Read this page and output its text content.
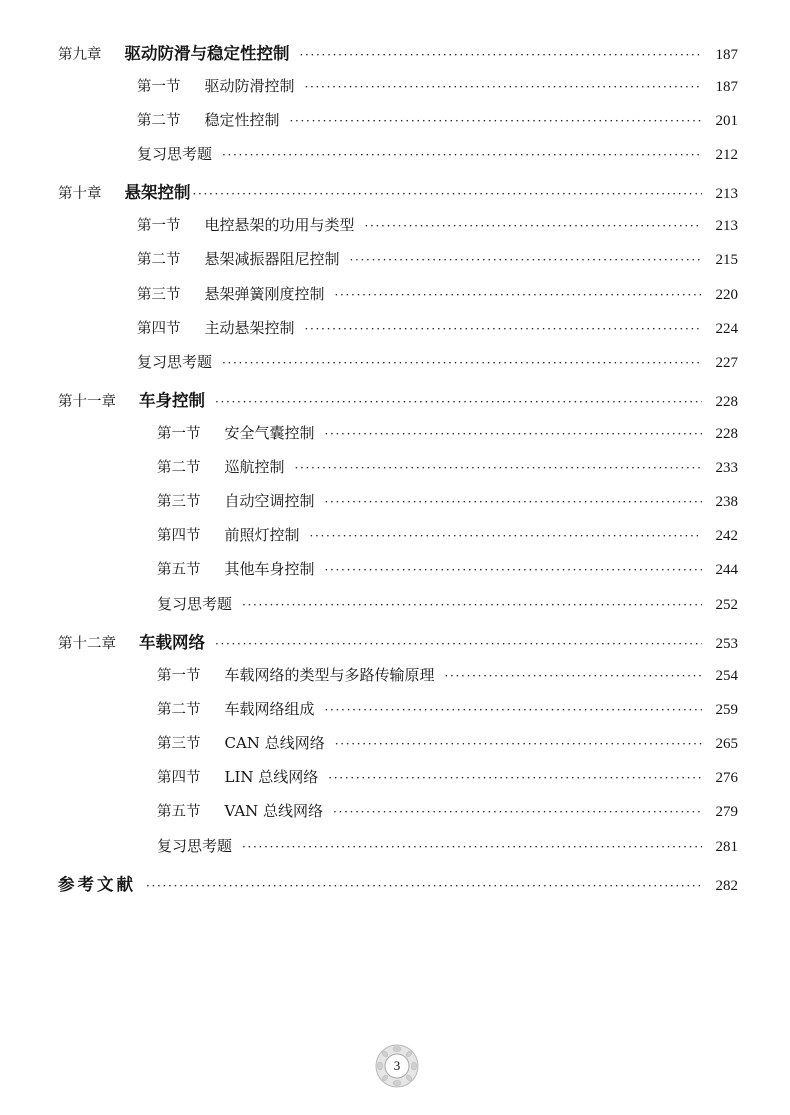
第九章 驱动防滑与稳定性控制 ·····	187
第一节 驱动防滑控制 ·····	187
第二节 稳定性控制 ·····	201
复习思考题 ·····	212
第十章 悬架控制 ·····	213
第一节 电控悬架的功用与类型 ·····	213
第二节 悬架减振器阻尼控制 ·····	215
第三节 悬架弹簧刚度控制 ·····	220
第四节 主动悬架控制 ·····	224
复习思考题 ·····	227
第十一章 车身控制 ·····	228
第一节 安全气囊控制 ·····	228
第二节 巡航控制 ·····	233
第三节 自动空调控制 ·····	238
第四节 前照灯控制 ·····	242
第五节 其他车身控制 ·····	244
复习思考题 ·····	252
第十二章 车载网络 ·····	253
第一节 车载网络的类型与多路传输原理 ·····	254
第二节 车载网络组成 ·····	259
第三节 CAN 总线网络 ·····	265
第四节 LIN 总线网络 ·····	276
第五节 VAN 总线网络 ·····	279
复习思考题 ·····	281
参考文献 ·····	282
3
